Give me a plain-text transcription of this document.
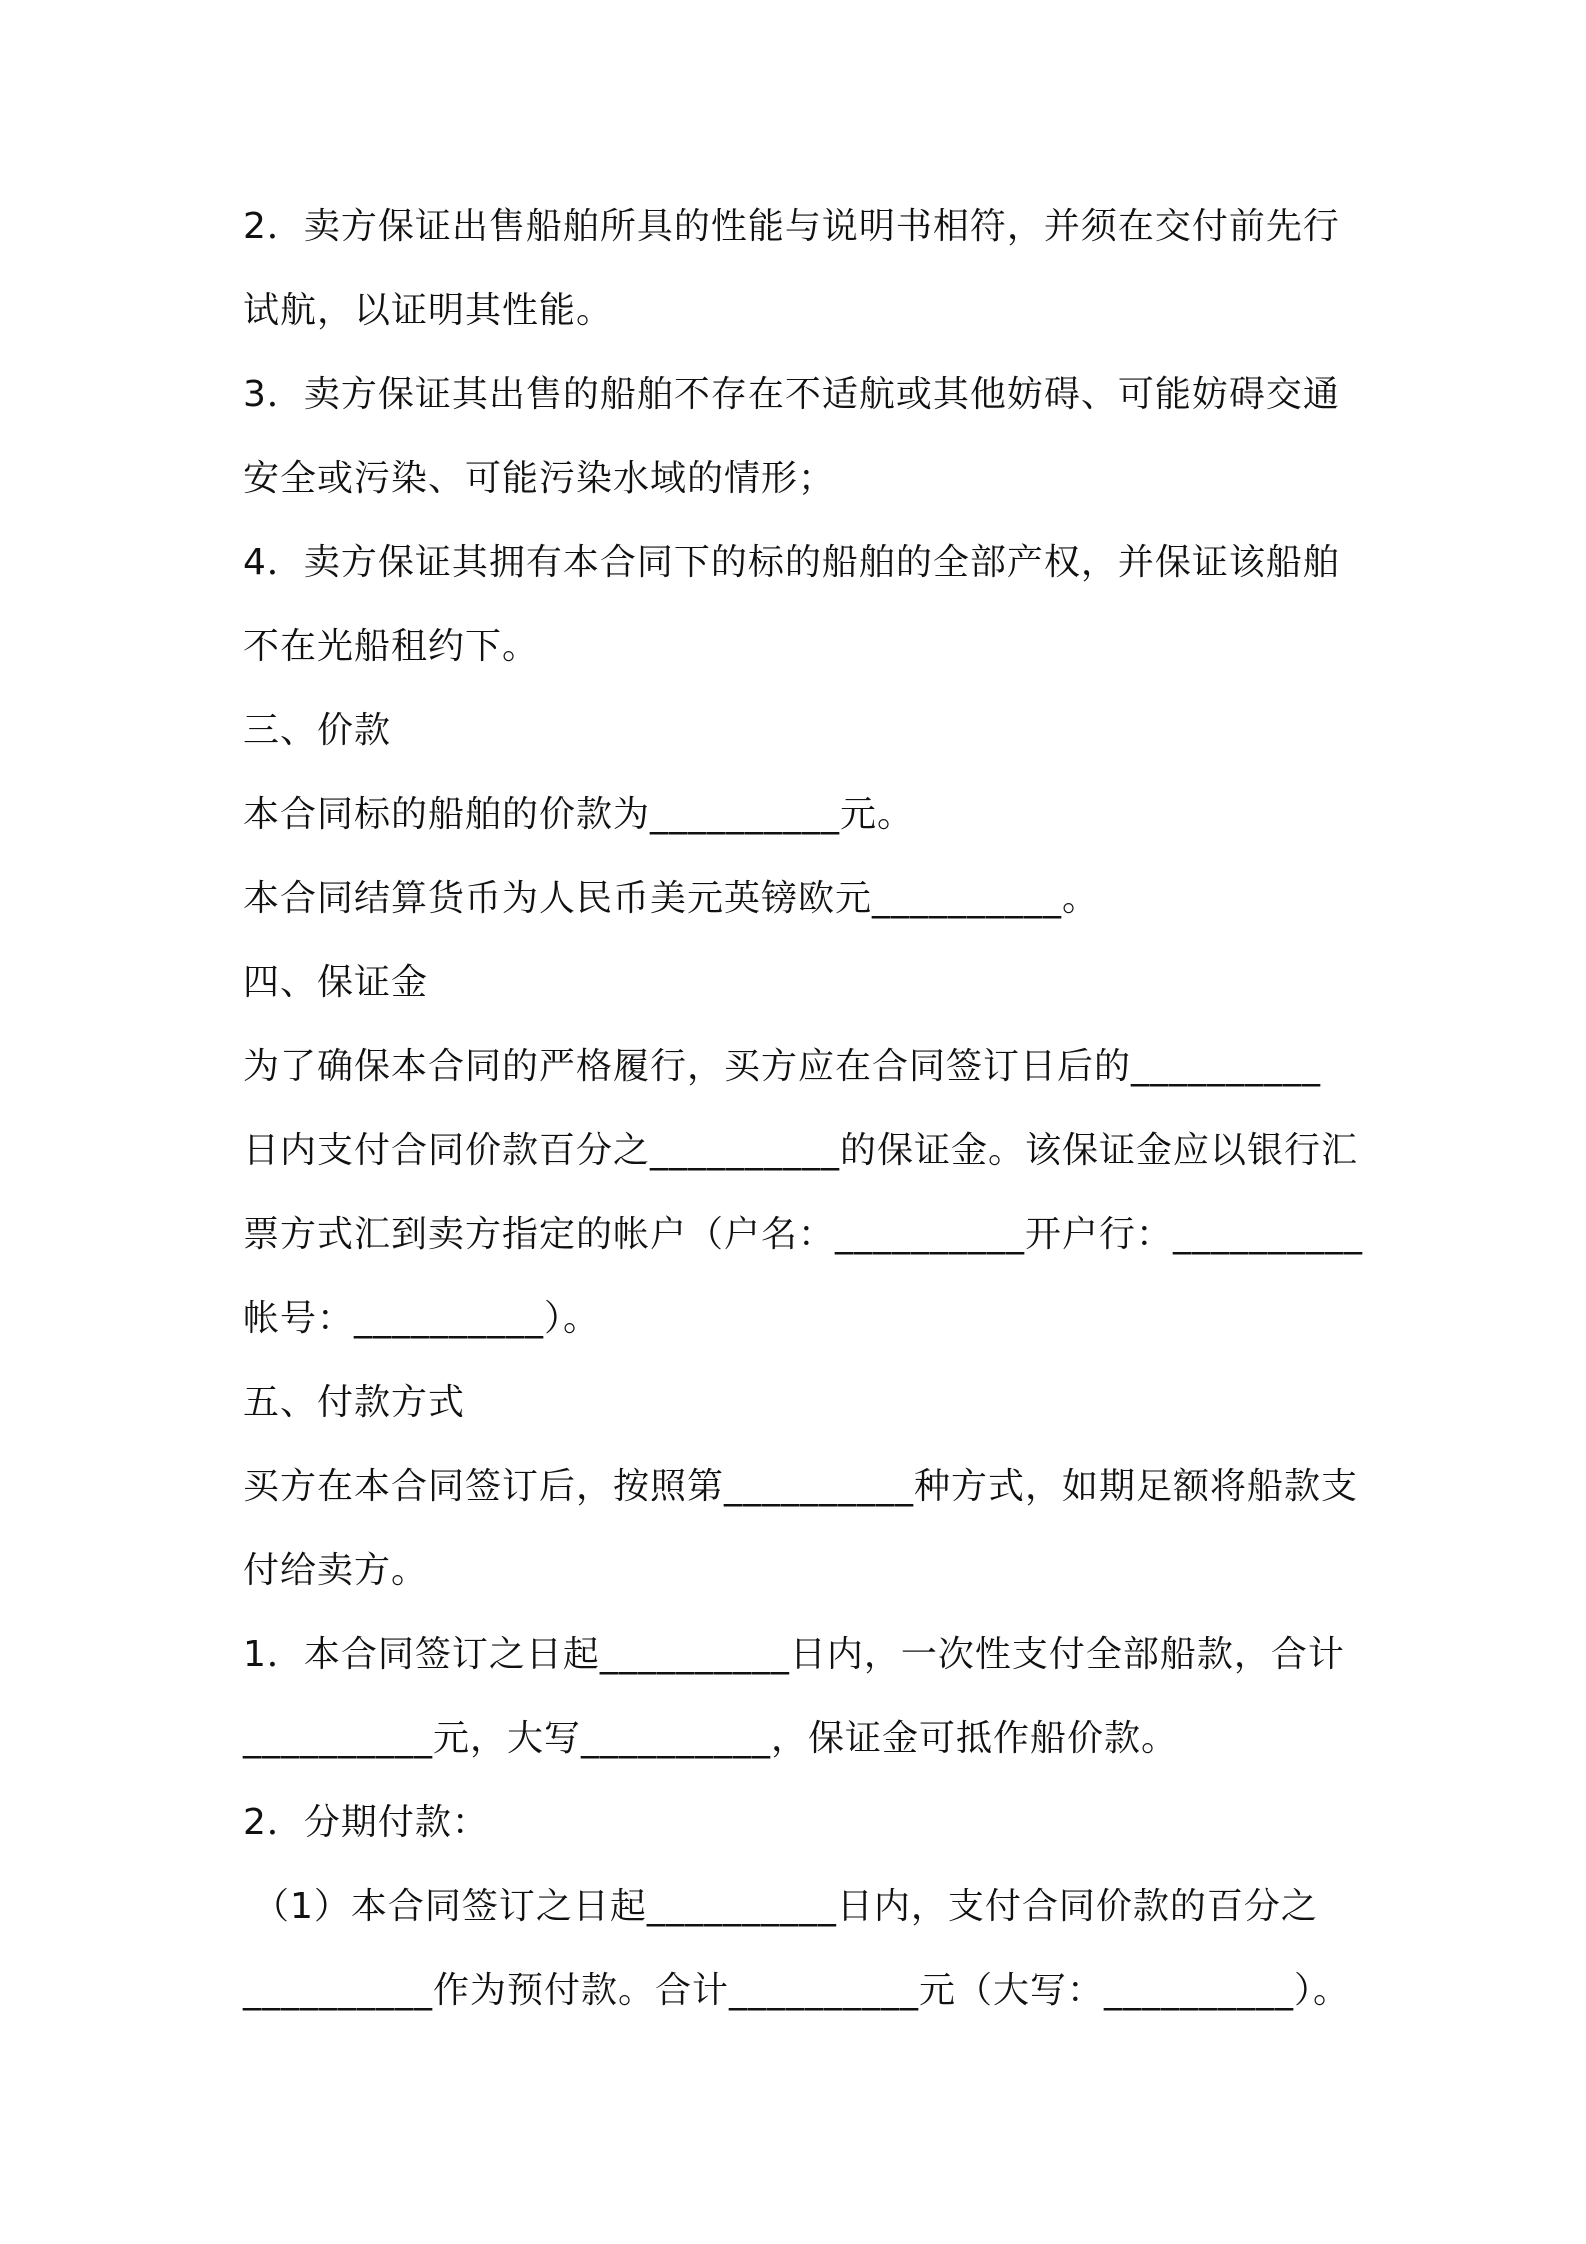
2．卖方保证出售船舶所具的性能与说明书相符，并须在交付前先行
试航，以证明其性能。
3．卖方保证其出售的船舶不存在不适航或其他妨碍、可能妨碍交通
安全或污染、可能污染水域的情形；
4．卖方保证其拥有本合同下的标的船舶的全部产权，并保证该船舶
不在光船租约下。
三、价款
本合同标的船舶的价款为__________元。
本合同结算货币为人民币美元英镑欧元__________。
四、保证金
为了确保本合同的严格履行，买方应在合同签订日后的__________
日内支付合同价款百分之__________的保证金。该保证金应以银行汇
票方式汇到卖方指定的帐户（户名：__________开户行：__________
帐号：__________）。
五、付款方式
买方在本合同签订后，按照第__________种方式，如期足额将船款支
付给卖方。
1．本合同签订之日起__________日内，一次性支付全部船款，合计
__________元，大写__________，保证金可抵作船价款。
2．分期付款：
（1）本合同签订之日起__________日内，支付合同价款的百分之
__________作为预付款。合计__________元（大写：__________）。
